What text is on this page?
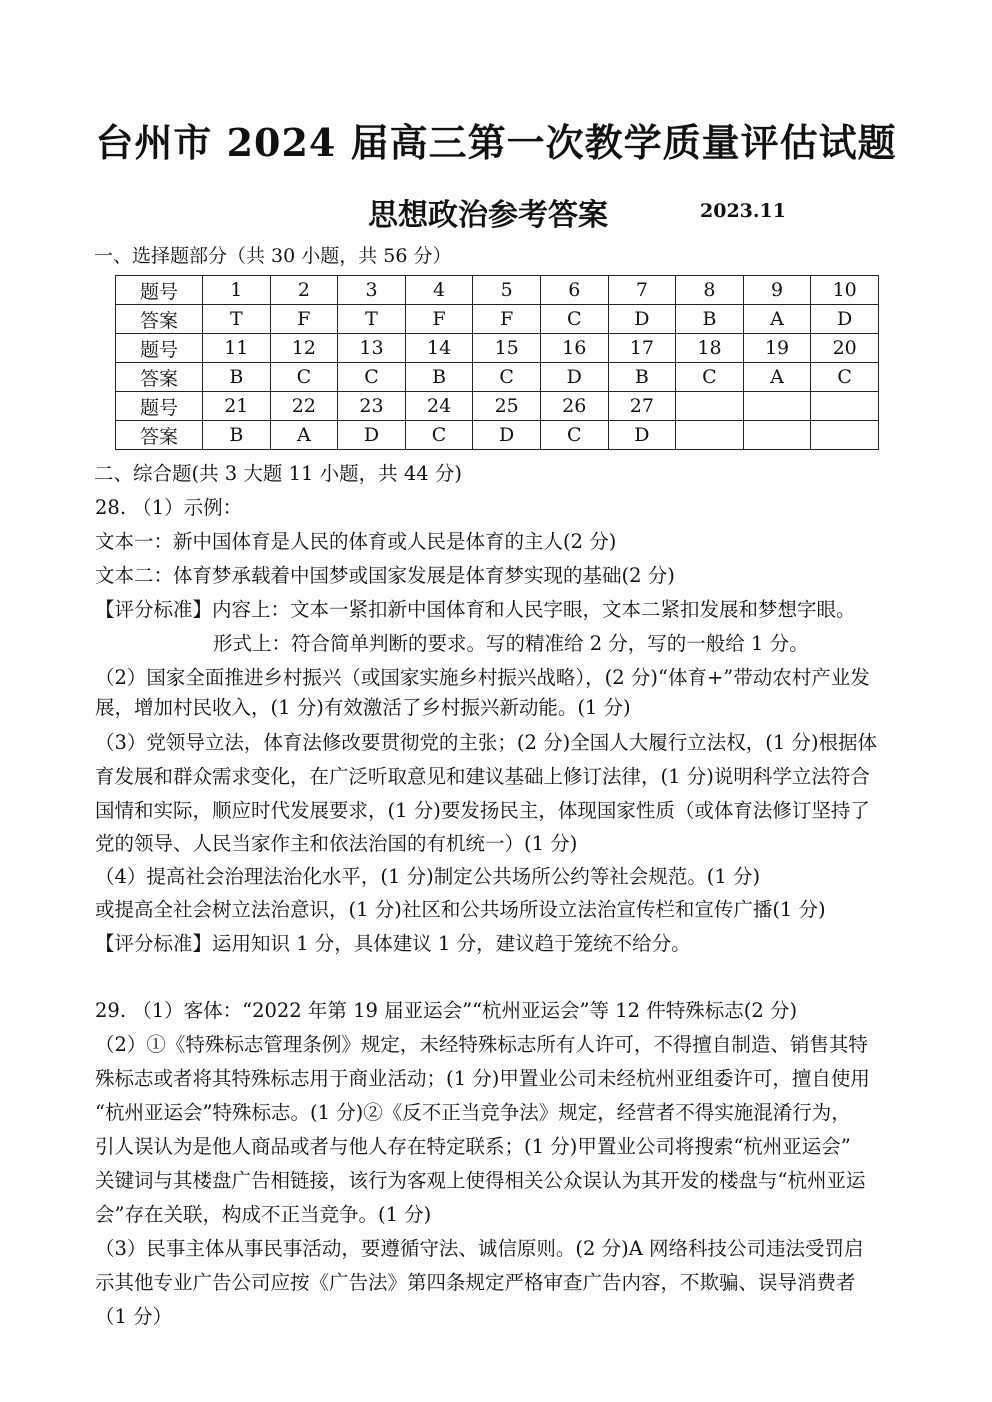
台州市 2024 届高三第一次教学质量评估试题
思想政治参考答案	2023.11
一、选择题部分（共 30 小题，共 56 分）
题号	1	2	3	4	5	6	7	8	9	10
答案	T	F	T	F	F	C	D	B	A	D
题号	11	12	13	14	15	16	17	18	19	20
答案	B	C	C	B	C	D	B	C	A	C
题号	21	22	23	24	25	26	27			
答案	B	A	D	C	D	C	D			
二、综合题(共 3 大题 11 小题，共 44 分)
28. （1）示例：
文本一：新中国体育是人民的体育或人民是体育的主人(2 分)
文本二：体育梦承载着中国梦或国家发展是体育梦实现的基础(2 分)
【评分标准】内容上：文本一紧扣新中国体育和人民字眼，文本二紧扣发展和梦想字眼。
形式上：符合简单判断的要求。写的精准给 2 分，写的一般给 1 分。
（2）国家全面推进乡村振兴（或国家实施乡村振兴战略），(2 分)“体育+”带动农村产业发
展，增加村民收入，(1 分)有效激活了乡村振兴新动能。(1 分)
（3）党领导立法，体育法修改要贯彻党的主张；(2 分)全国人大履行立法权，(1 分)根据体
育发展和群众需求变化，在广泛听取意见和建议基础上修订法律，(1 分)说明科学立法符合
国情和实际，顺应时代发展要求，(1 分)要发扬民主，体现国家性质（或体育法修订坚持了
党的领导、人民当家作主和依法治国的有机统一）(1 分)
（4）提高社会治理法治化水平，(1 分)制定公共场所公约等社会规范。(1 分)
或提高全社会树立法治意识，(1 分)社区和公共场所设立法治宣传栏和宣传广播(1 分)
【评分标准】运用知识 1 分，具体建议 1 分，建议趋于笼统不给分。
29. （1）客体：“2022 年第 19 届亚运会”“杭州亚运会”等 12 件特殊标志(2 分)
（2）①《特殊标志管理条例》规定，未经特殊标志所有人许可，不得擅自制造、销售其特
殊标志或者将其特殊标志用于商业活动；(1 分)甲置业公司未经杭州亚组委许可，擅自使用
“杭州亚运会”特殊标志。(1 分)②《反不正当竞争法》规定，经营者不得实施混淆行为，
引人误认为是他人商品或者与他人存在特定联系；(1 分)甲置业公司将搜索“杭州亚运会”
关键词与其楼盘广告相链接，该行为客观上使得相关公众误认为其开发的楼盘与“杭州亚运
会”存在关联，构成不正当竞争。(1 分)
（3）民事主体从事民事活动，要遵循守法、诚信原则。(2 分)A 网络科技公司违法受罚启
示其他专业广告公司应按《广告法》第四条规定严格审查广告内容，不欺骗、误导消费者
（1 分）
